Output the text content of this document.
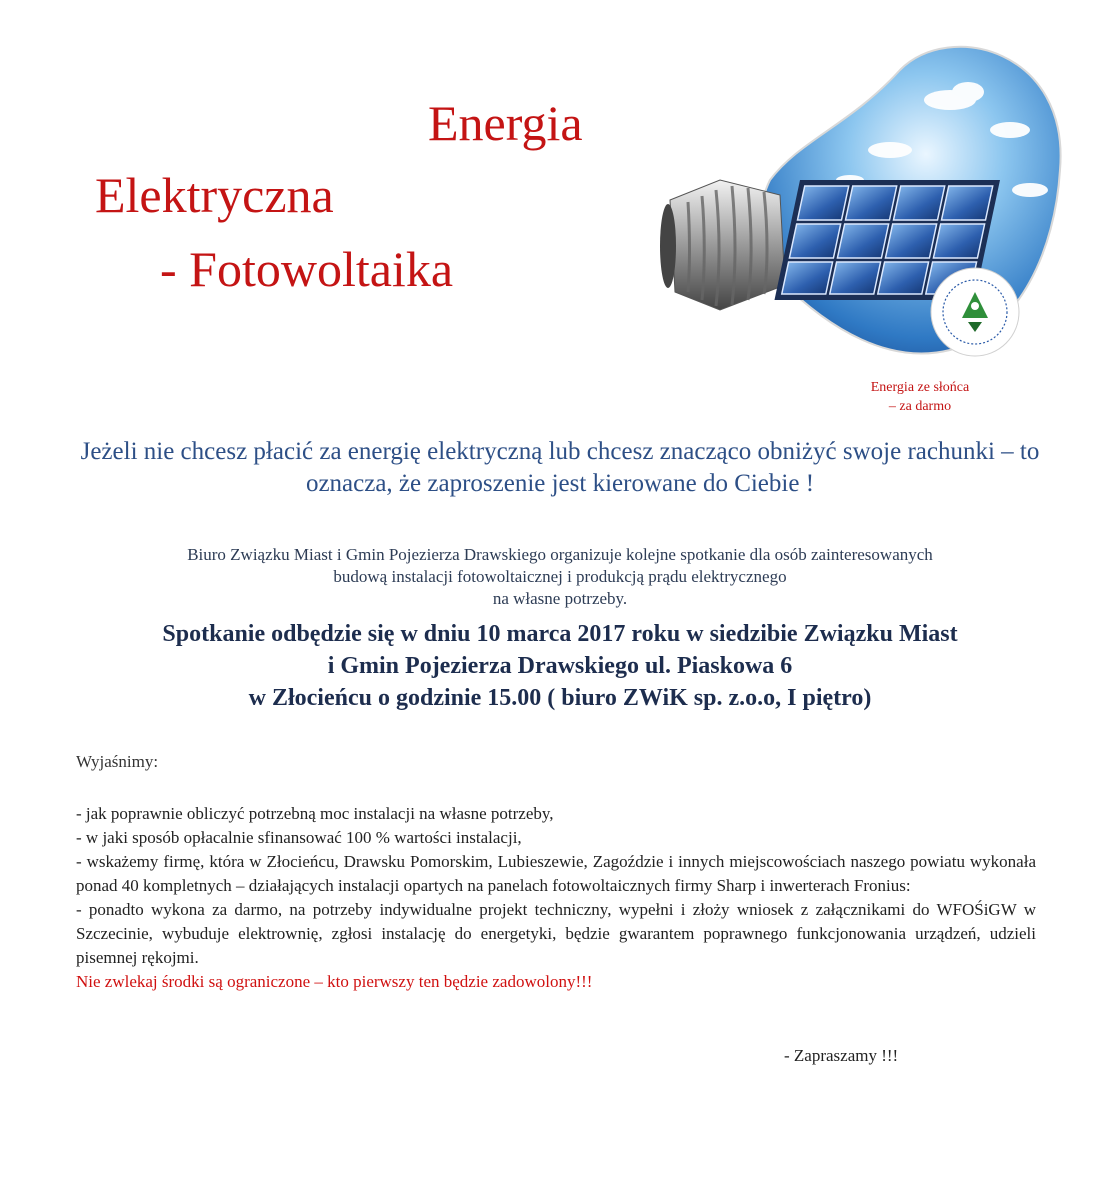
Energia
Elektryczna
- Fotowoltaika
Energia ze słońca
– za darmo
Jeżeli nie chcesz płacić za energię elektryczną lub chcesz znacząco obniżyć swoje rachunki – to oznacza, że zaproszenie jest kierowane do Ciebie !
Biuro Związku Miast i Gmin Pojezierza Drawskiego organizuje kolejne spotkanie dla osób zainteresowanych
budową instalacji fotowoltaicznej i produkcją prądu elektrycznego
na własne potrzeby.
Spotkanie odbędzie się w dniu 10 marca 2017 roku w siedzibie Związku Miast
i Gmin Pojezierza Drawskiego ul. Piaskowa 6
w Złocieńcu o godzinie 15.00 ( biuro ZWiK sp. z.o.o, I piętro)
Wyjaśnimy:

- jak poprawnie obliczyć potrzebną moc instalacji na własne potrzeby,

- w jaki sposób opłacalnie sfinansować 100 % wartości instalacji,

- wskażemy firmę, która w Złocieńcu, Drawsku Pomorskim, Lubieszewie, Zagoździe i innych miejscowościach naszego powiatu wykonała ponad 40 kompletnych – działających instalacji opartych na panelach fotowoltaicznych firmy Sharp i inwerterach Fronius:

- ponadto wykona za darmo, na potrzeby indywidualne projekt techniczny, wypełni i złoży wniosek z załącznikami do WFOŚiGW w Szczecinie, wybuduje elektrownię, zgłosi instalację do energetyki, będzie gwarantem poprawnego funkcjonowania urządzeń, udzieli pisemnej rękojmi.

Nie zwlekaj środki są ograniczone – kto pierwszy ten będzie zadowolony!!!

- Zapraszamy !!!
